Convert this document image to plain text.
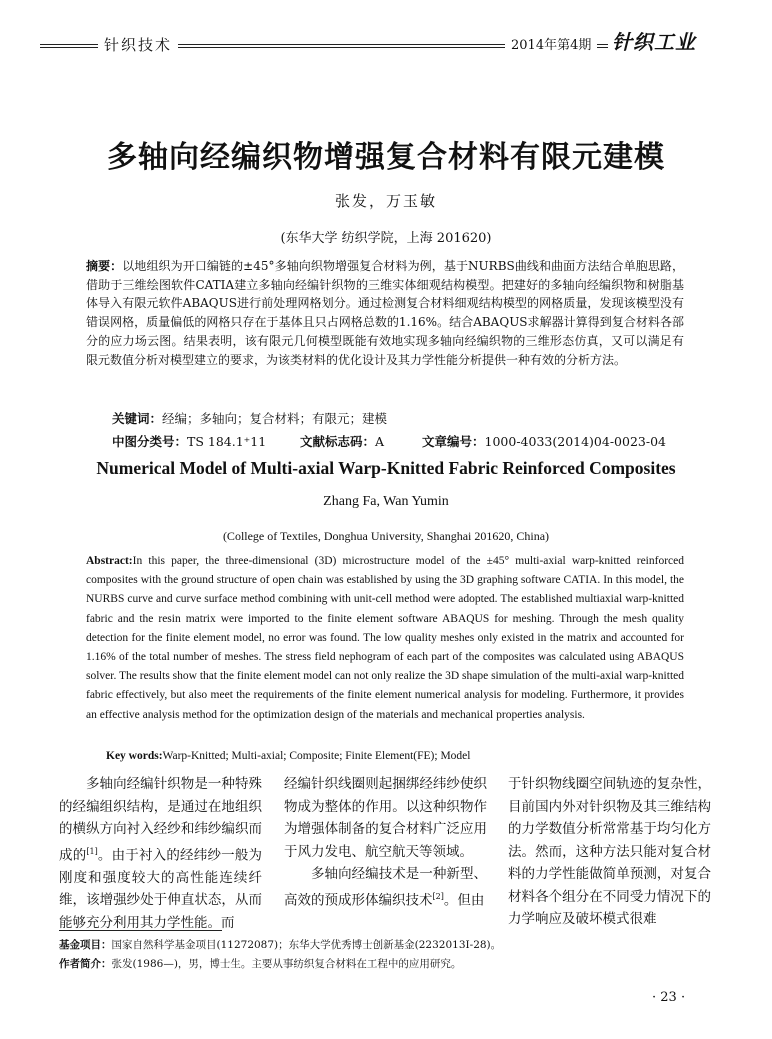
针织技术	2014年第4期	针织工业
多轴向经编织物增强复合材料有限元建模
张发，万玉敏
(东华大学 纺织学院，上海 201620)
摘要：以地组织为开口编链的±45°多轴向织物增强复合材料为例，基于NURBS曲线和曲面方法结合单胞思路，借助于三维绘图软件CATIA建立多轴向经编针织物的三维实体细观结构模型。把建好的多轴向经编织物和树脂基体导入有限元软件ABAQUS进行前处理网格划分。通过检测复合材料细观结构模型的网格质量，发现该模型没有错误网格，质量偏低的网格只存在于基体且只占网格总数的1.16%。结合ABAQUS求解器计算得到复合材料各部分的应力场云图。结果表明，该有限元几何模型既能有效地实现多轴向经编织物的三维形态仿真，又可以满足有限元数值分析对模型建立的要求，为该类材料的优化设计及其力学性能分析提供一种有效的分析方法。
关键词：经编；多轴向；复合材料；有限元；建模
中图分类号：TS 184.1⁺11	文献标志码：A	文章编号：1000-4033(2014)04-0023-04
Numerical Model of Multi-axial Warp-Knitted Fabric Reinforced Composites
Zhang Fa, Wan Yumin
(College of Textiles, Donghua University, Shanghai 201620, China)
Abstract:In this paper, the three-dimensional (3D) microstructure model of the ±45° multi-axial warp-knitted reinforced composites with the ground structure of open chain was established by using the 3D graphing software CATIA. In this model, the NURBS curve and curve surface method combining with unit-cell method were adopted. The established multiaxial warp-knitted fabric and the resin matrix were imported to the finite element software ABAQUS for meshing. Through the mesh quality detection for the finite element model, no error was found. The low quality meshes only existed in the matrix and accounted for 1.16% of the total number of meshes. The stress field nephogram of each part of the composites was calculated using ABAQUS solver. The results show that the finite element model can not only realize the 3D shape simulation of the multi-axial warp-knitted fabric effectively, but also meet the requirements of the finite element numerical analysis for modeling. Furthermore, it provides an effective analysis method for the optimization design of the materials and mechanical properties analysis.
Key words:Warp-Knitted; Multi-axial; Composite; Finite Element(FE); Model

多轴向经编针织物是一种特殊的经编组织结构，是通过在地组织的横纵方向衬入经纱和纬纱编织而成的[1]。由于衬入的经纬纱一般为刚度和强度较大的高性能连续纤维，该增强纱处于伸直状态，从而能够充分利用其力学性能。而

经编针织线圈则起捆绑经纬纱使织物成为整体的作用。以这种织物作为增强体制备的复合材料广泛应用于风力发电、航空航天等领域。

多轴向经编技术是一种新型、高效的预成形体编织技术[2]。但由

于针织物线圈空间轨迹的复杂性，目前国内外对针织物及其三维结构的力学数值分析常常基于均匀化方法。然而，这种方法只能对复合材料的力学性能做简单预测，对复合材料各个组分在不同受力情况下的力学响应及破坏模式很难

基金项目：国家自然科学基金项目(11272087)；东华大学优秀博士创新基金(2232013I-28)。
作者简介：张发(1986—)，男，博士生。主要从事纺织复合材料在工程中的应用研究。
· 23 ·
